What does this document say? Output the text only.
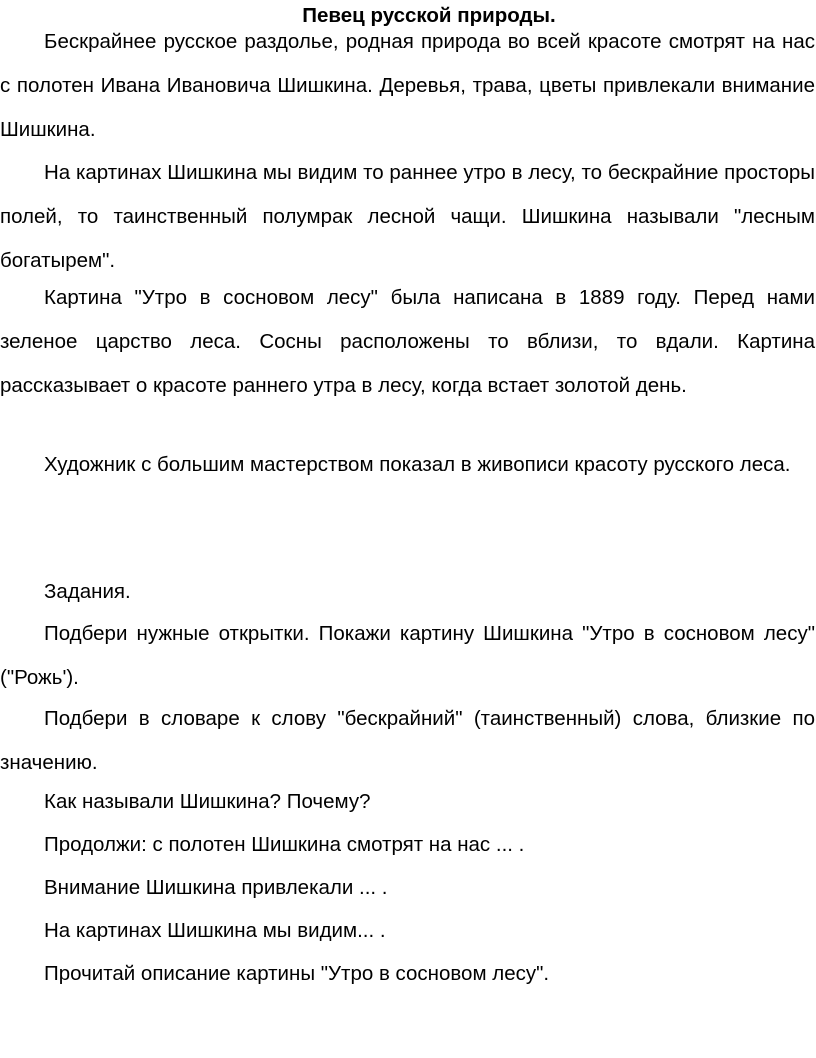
Певец русской природы.

Бескрайнее русское раздолье, родная природа во всей красоте смотрят на нас с полотен Ивана Ивановича Шишкина. Деревья, трава, цветы привлекали внимание Шишкина.

На картинах Шишкина мы видим то раннее утро в лесу, то бескрайние просторы полей, то таинственный полумрак лесной чащи. Шишкина называли "лесным богатырем".

Картина "Утро в сосновом лесу" была написана в 1889 году. Перед нами зеленое царство леса. Сосны расположены то вблизи, то вдали. Картина рассказывает о красоте раннего утра в лесу, когда встает золотой день.

Художник с большим мастерством показал в живописи красоту русского леса.

Задания.

Подбери нужные открытки. Покажи картину Шишкина "Утро в сосновом лесу" ("Рожь').

Подбери в словаре к слову "бескрайний" (таинственный) слова, близкие по значению.

Как называли Шишкина? Почему?

Продолжи: с полотен Шишкина смотрят на нас ... .

Внимание Шишкина привлекали ... .

На картинах Шишкина мы видим... .

Прочитай описание картины "Утро в сосновом лесу".
